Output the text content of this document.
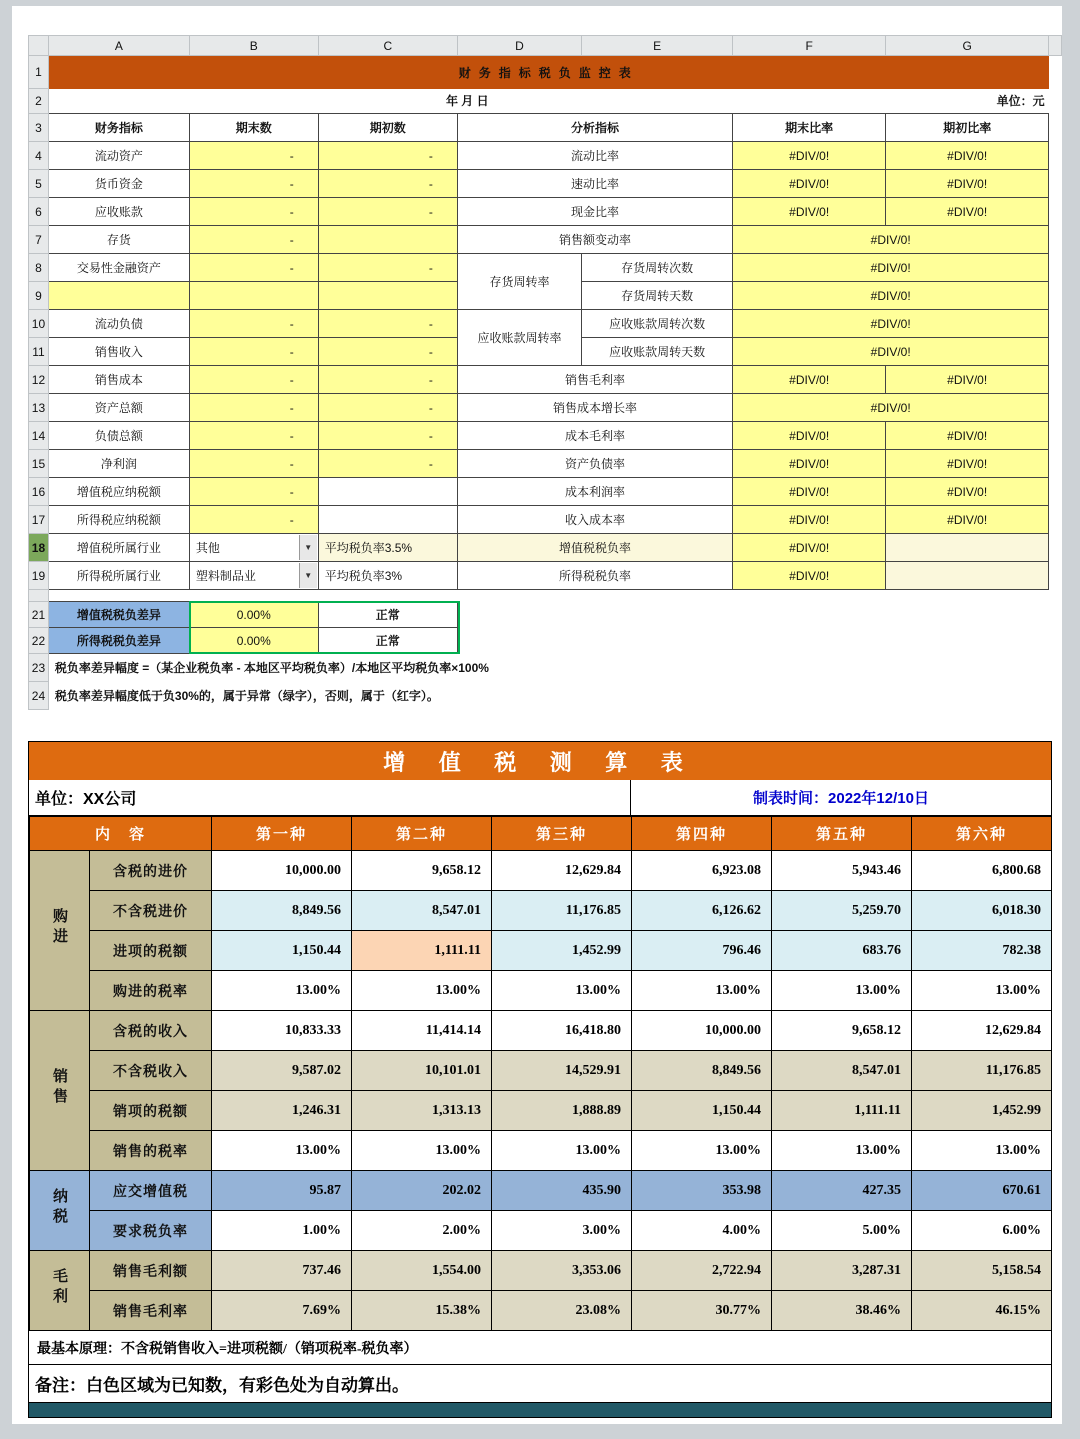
	A	B	C	D	E	F	G	
1	财务指标税负监控表							
2	年 月 日						单位：元	
3	财务指标	期末数	期初数	分析指标		期末比率	期初比率	
4	流动资产	-	-	流动比率		#DIV/0!	#DIV/0!	
5	货币资金	-	-	速动比率		#DIV/0!	#DIV/0!	
6	应收账款	-	-	现金比率		#DIV/0!	#DIV/0!	
7	存货	-		销售额变动率		#DIV/0!		
8	交易性金融资产	-	-	存货周转率	存货周转次数	#DIV/0!		
9					存货周转天数	#DIV/0!		
10	流动负债	-	-	应收账款周转率	应收账款周转次数	#DIV/0!		
11	销售收入	-	-		应收账款周转天数	#DIV/0!		
12	销售成本	-	-	销售毛利率		#DIV/0!	#DIV/0!	
13	资产总额	-	-	销售成本增长率		#DIV/0!		
14	负债总额	-	-	成本毛利率		#DIV/0!	#DIV/0!	
15	净利润	-	-	资产负债率		#DIV/0!	#DIV/0!	
16	增值税应纳税额	-		成本利润率		#DIV/0!	#DIV/0!	
17	所得税应纳税额	-		收入成本率		#DIV/0!	#DIV/0!	
18	增值税所属行业	其他 ▼	平均税负率3.5%	增值税税负率		#DIV/0!		
19	所得税所属行业	塑料制品业 ▼	平均税负率3%	所得税税负率		#DIV/0!		

21	增值税税负差异	0.00%	正常					
22	所得税税负差异	0.00%	正常					
23	税负率差异幅度 =（某企业税负率 - 本地区平均税负率）/本地区平均税负率×100%							
24	税负率差异幅度低于负30%的，属于异常（绿字），否则，属于（红字）。							
增 值 税 测 算 表
单位：XX公司	制表时间：2022年12/10日
内　容		第一种	第二种	第三种	第四种	第五种	第六种
购进	含税的进价	10,000.00	9,658.12	12,629.84	6,923.08	5,943.46	6,800.68
	不含税进价	8,849.56	8,547.01	11,176.85	6,126.62	5,259.70	6,018.30
	进项的税额	1,150.44	1,111.11	1,452.99	796.46	683.76	782.38
	购进的税率	13.00%	13.00%	13.00%	13.00%	13.00%	13.00%
销售	含税的收入	10,833.33	11,414.14	16,418.80	10,000.00	9,658.12	12,629.84
	不含税收入	9,587.02	10,101.01	14,529.91	8,849.56	8,547.01	11,176.85
	销项的税额	1,246.31	1,313.13	1,888.89	1,150.44	1,111.11	1,452.99
	销售的税率	13.00%	13.00%	13.00%	13.00%	13.00%	13.00%
纳税	应交增值税	95.87	202.02	435.90	353.98	427.35	670.61
	要求税负率	1.00%	2.00%	3.00%	4.00%	5.00%	6.00%
毛利	销售毛利额	737.46	1,554.00	3,353.06	2,722.94	3,287.31	5,158.54
	销售毛利率	7.69%	15.38%	23.08%	30.77%	38.46%	46.15%
最基本原理：不含税销售收入=进项税额/（销项税率-税负率）
备注：白色区域为已知数，有彩色处为自动算出。
